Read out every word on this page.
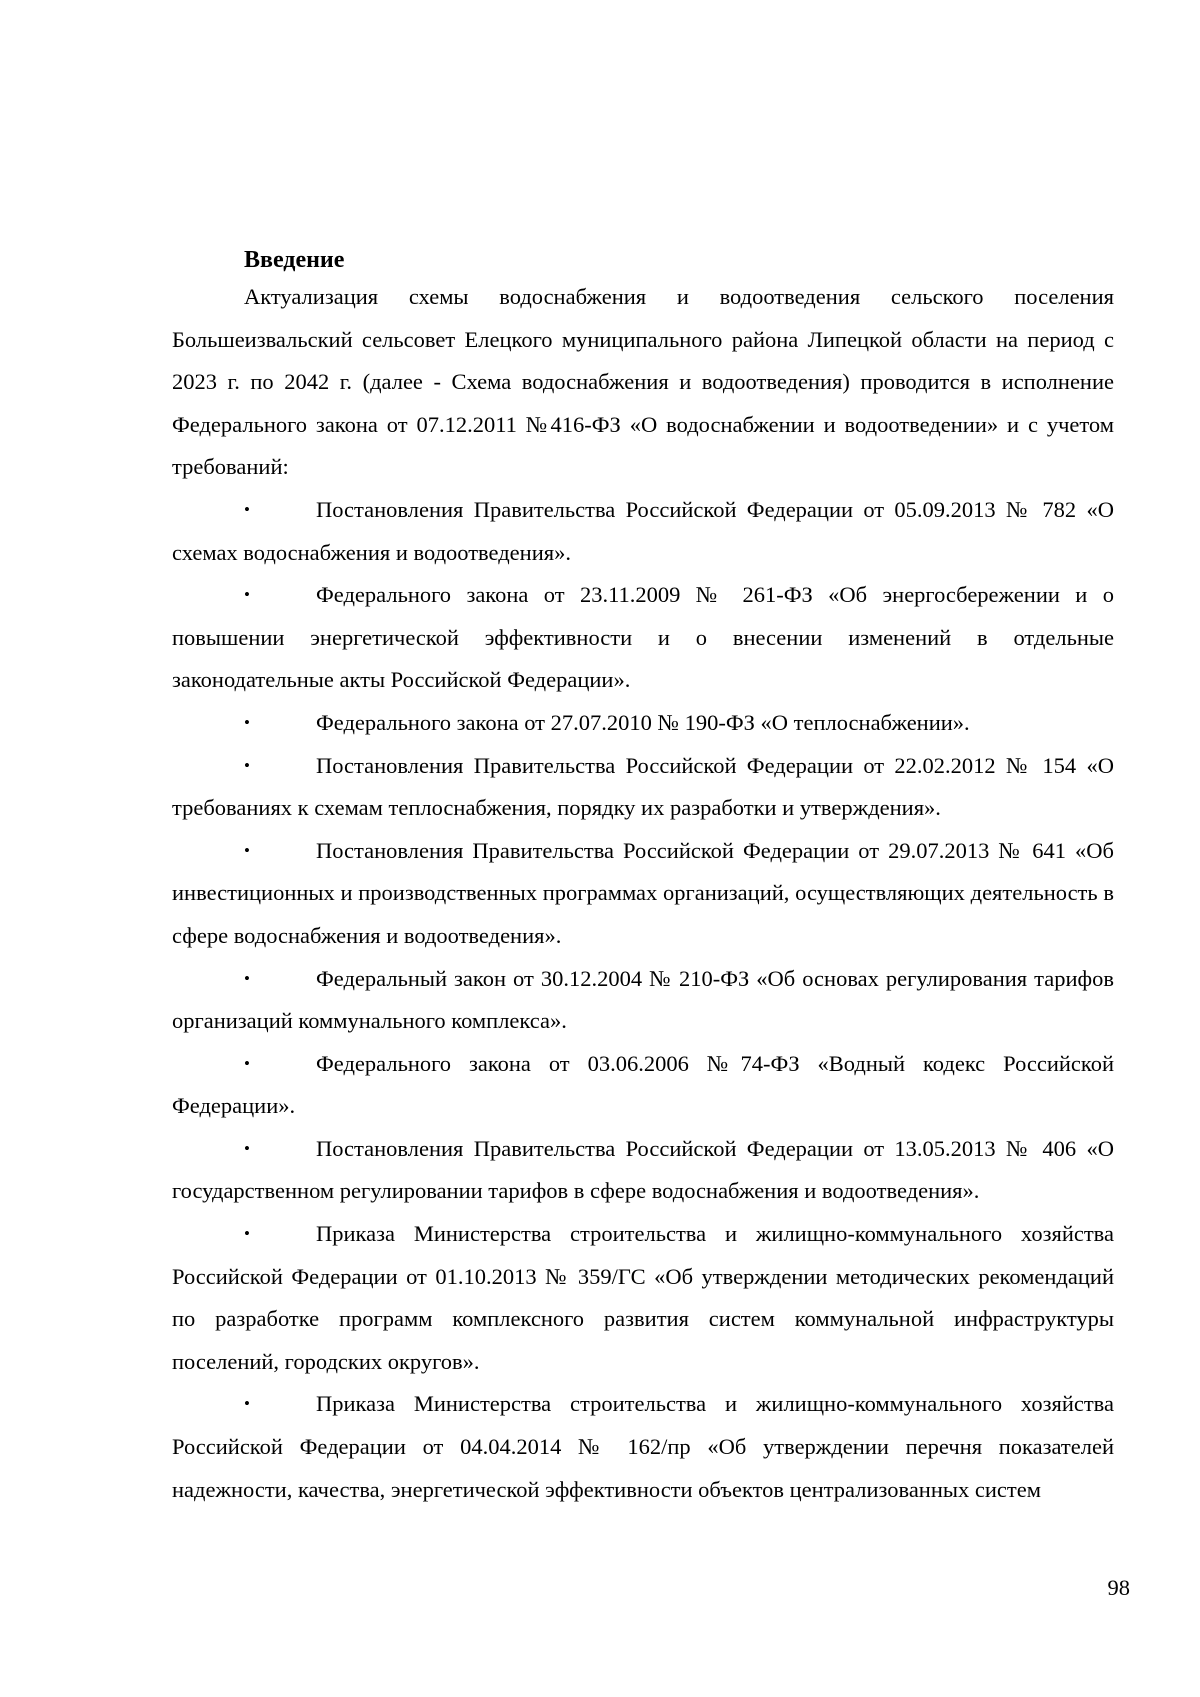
Введение

Актуализация схемы водоснабжения и водоотведения сельского поселения Большеизвальский сельсовет Елецкого муниципального района Липецкой области на период с 2023 г. по 2042 г. (далее - Схема водоснабжения и водоотведения) проводится в исполнение Федерального закона от 07.12.2011 №416-ФЗ «О водоснабжении и водоотведении» и с учетом требований:

•	Постановления Правительства Российской Федерации от 05.09.2013 № 782 «О схемах водоснабжения и водоотведения».
•	Федерального закона от 23.11.2009 № 261-ФЗ «Об энергосбережении и о повышении энергетической эффективности и о внесении изменений в отдельные законодательные акты Российской Федерации».
•	Федерального закона от 27.07.2010 № 190-ФЗ «О теплоснабжении».
•	Постановления Правительства Российской Федерации от 22.02.2012 № 154 «О требованиях к схемам теплоснабжения, порядку их разработки и утверждения».
•	Постановления Правительства Российской Федерации от 29.07.2013 № 641 «Об инвестиционных и производственных программах организаций, осуществляющих деятельность в сфере водоснабжения и водоотведения».
•	Федеральный закон от 30.12.2004 № 210-ФЗ «Об основах регулирования тарифов организаций коммунального комплекса».
•	Федерального закона от 03.06.2006 №74-ФЗ «Водный кодекс Российской Федерации».
•	Постановления Правительства Российской Федерации от 13.05.2013 № 406 «О государственном регулировании тарифов в сфере водоснабжения и водоотведения».
•	Приказа Министерства строительства и жилищно-коммунального хозяйства Российской Федерации от 01.10.2013 № 359/ГС «Об утверждении методических рекомендаций по разработке программ комплексного развития систем коммунальной инфраструктуры поселений, городских округов».
•	Приказа Министерства строительства и жилищно-коммунального хозяйства Российской Федерации от 04.04.2014 № 162/пр «Об утверждении перечня показателей надежности, качества, энергетической эффективности объектов централизованных систем
98
